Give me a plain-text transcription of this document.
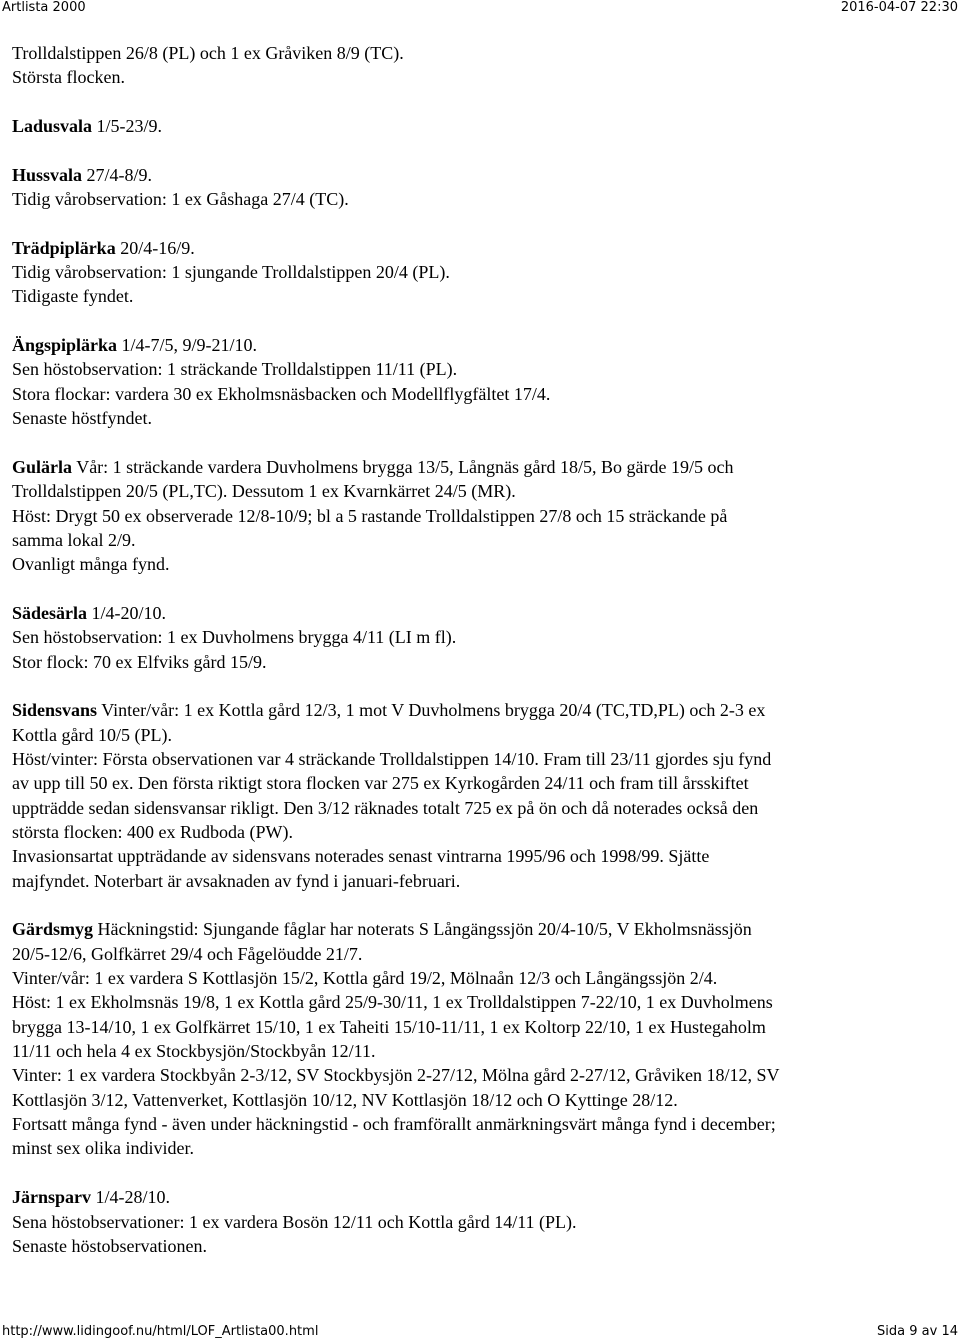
Artlista 2000	2016-04-07 22:30
Trolldalstippen 26/8 (PL) och 1 ex Gråviken 8/9 (TC).
Största flocken.
Ladusvala 1/5-23/9.
Hussvala 27/4-8/9.
Tidig vårobservation: 1 ex Gåshaga 27/4 (TC).
Trädpiplärka 20/4-16/9.
Tidig vårobservation: 1 sjungande Trolldalstippen 20/4 (PL).
Tidigaste fyndet.
Ängspiplärka 1/4-7/5, 9/9-21/10.
Sen höstobservation: 1 sträckande Trolldalstippen 11/11 (PL).
Stora flockar: vardera 30 ex Ekholmsnäsbacken och Modellflygfältet 17/4.
Senaste höstfyndet.
Gulärla Vår: 1 sträckande vardera Duvholmens brygga 13/5, Långnäs gård 18/5, Bo gärde 19/5 och
Trolldalstippen 20/5 (PL,TC). Dessutom 1 ex Kvarnkärret 24/5 (MR).
Höst: Drygt 50 ex observerade 12/8-10/9; bl a 5 rastande Trolldalstippen 27/8 och 15 sträckande på
samma lokal 2/9.
Ovanligt många fynd.
Sädesärla 1/4-20/10.
Sen höstobservation: 1 ex Duvholmens brygga 4/11 (LI m fl).
Stor flock: 70 ex Elfviks gård 15/9.
Sidensvans Vinter/vår: 1 ex Kottla gård 12/3, 1 mot V Duvholmens brygga 20/4 (TC,TD,PL) och 2-3 ex
Kottla gård 10/5 (PL).
Höst/vinter: Första observationen var 4 sträckande Trolldalstippen 14/10. Fram till 23/11 gjordes sju fynd
av upp till 50 ex. Den första riktigt stora flocken var 275 ex Kyrkogården 24/11 och fram till årsskiftet
uppträdde sedan sidensvansar rikligt. Den 3/12 räknades totalt 725 ex på ön och då noterades också den
största flocken: 400 ex Rudboda (PW).
Invasionsartat uppträdande av sidensvans noterades senast vintrarna 1995/96 och 1998/99. Sjätte
majfyndet. Noterbart är avsaknaden av fynd i januari-februari.
Gärdsmyg Häckningstid: Sjungande fåglar har noterats S Långängssjön 20/4-10/5, V Ekholmsnässjön
20/5-12/6, Golfkärret 29/4 och Fågelöudde 21/7.
Vinter/vår: 1 ex vardera S Kottlasjön 15/2, Kottla gård 19/2, Mölnaån 12/3 och Långängssjön 2/4.
Höst: 1 ex Ekholmsnäs 19/8, 1 ex Kottla gård 25/9-30/11, 1 ex Trolldalstippen 7-22/10, 1 ex Duvholmens
brygga 13-14/10, 1 ex Golfkärret 15/10, 1 ex Taheiti 15/10-11/11, 1 ex Koltorp 22/10, 1 ex Hustegaholm
11/11 och hela 4 ex Stockbysjön/Stockbyån 12/11.
Vinter: 1 ex vardera Stockbyån 2-3/12, SV Stockbysjön 2-27/12, Mölna gård 2-27/12, Gråviken 18/12, SV
Kottlasjön 3/12, Vattenverket, Kottlasjön 10/12, NV Kottlasjön 18/12 och O Kyttinge 28/12.
Fortsatt många fynd - även under häckningstid - och framförallt anmärkningsvärt många fynd i december;
minst sex olika individer.
Järnsparv 1/4-28/10.
Sena höstobservationer: 1 ex vardera Bosön 12/11 och Kottla gård 14/11 (PL).
Senaste höstobservationen.
http://www.lidingoof.nu/html/LOF_Artlista00.html	Sida 9 av 14
